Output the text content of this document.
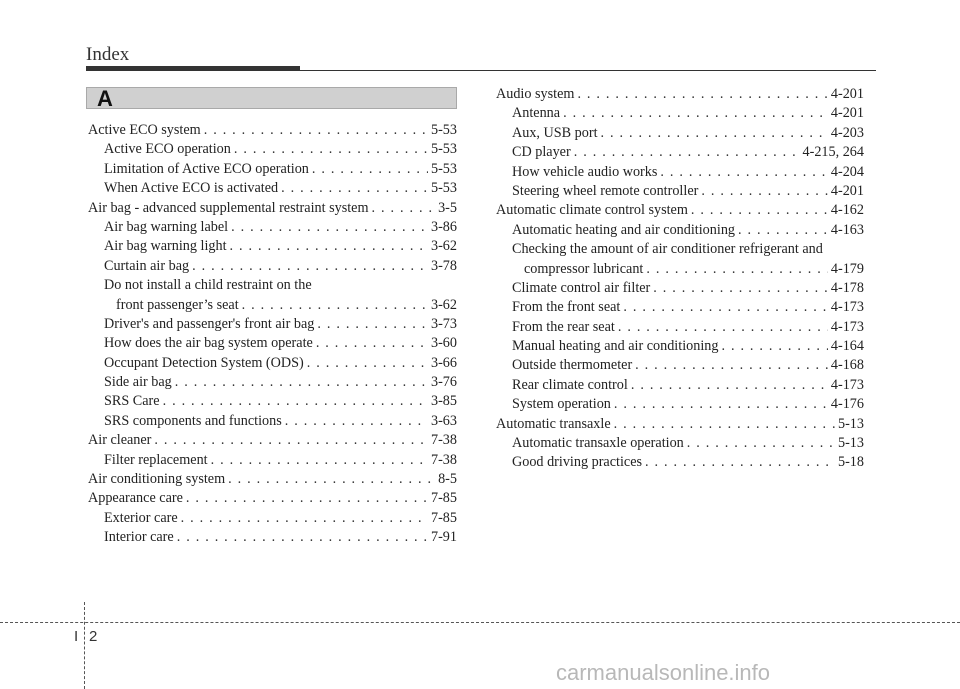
Index
A
Active ECO system . . .	5-53
Active ECO operation . . .	5-53
Limitation of Active ECO operation . . .	5-53
When Active ECO is activated . . .	5-53
Air bag - advanced supplemental restraint system . . .	3-5
Air bag warning label . . .	3-86
Air bag warning light . . .	3-62
Curtain air bag . . .	3-78
Do not install a child restraint on the
front passenger’s seat . . .	3-62
Driver's and passenger's front air bag . . .	3-73
How does the air bag system operate . . .	3-60
Occupant Detection System (ODS) . . .	3-66
Side air bag . . .	3-76
SRS Care . . .	3-85
SRS components and functions . . .	3-63
Air cleaner . . .	7-38
Filter replacement . . .	7-38
Air conditioning system . . .	8-5
Appearance care . . .	7-85
Exterior care . . .	7-85
Interior care . . .	7-91
Audio system . . .	4-201
Antenna . . .	4-201
Aux, USB port . . .	4-203
CD player . . .	4-215, 264
How vehicle audio works . . .	4-204
Steering wheel remote controller . . .	4-201
Automatic climate control system . . .	4-162
Automatic heating and air conditioning . . .	4-163
Checking the amount of air conditioner refrigerant and
compressor lubricant . . .	4-179
Climate control air filter . . .	4-178
From the front seat . . .	4-173
From the rear seat . . .	4-173
Manual heating and air conditioning . . .	4-164
Outside thermometer . . .	4-168
Rear climate control . . .	4-173
System operation . . .	4-176
Automatic transaxle . . .	5-13
Automatic transaxle operation . . .	5-13
Good driving practices . . .	5-18
I 2
carmanualsonline.info
